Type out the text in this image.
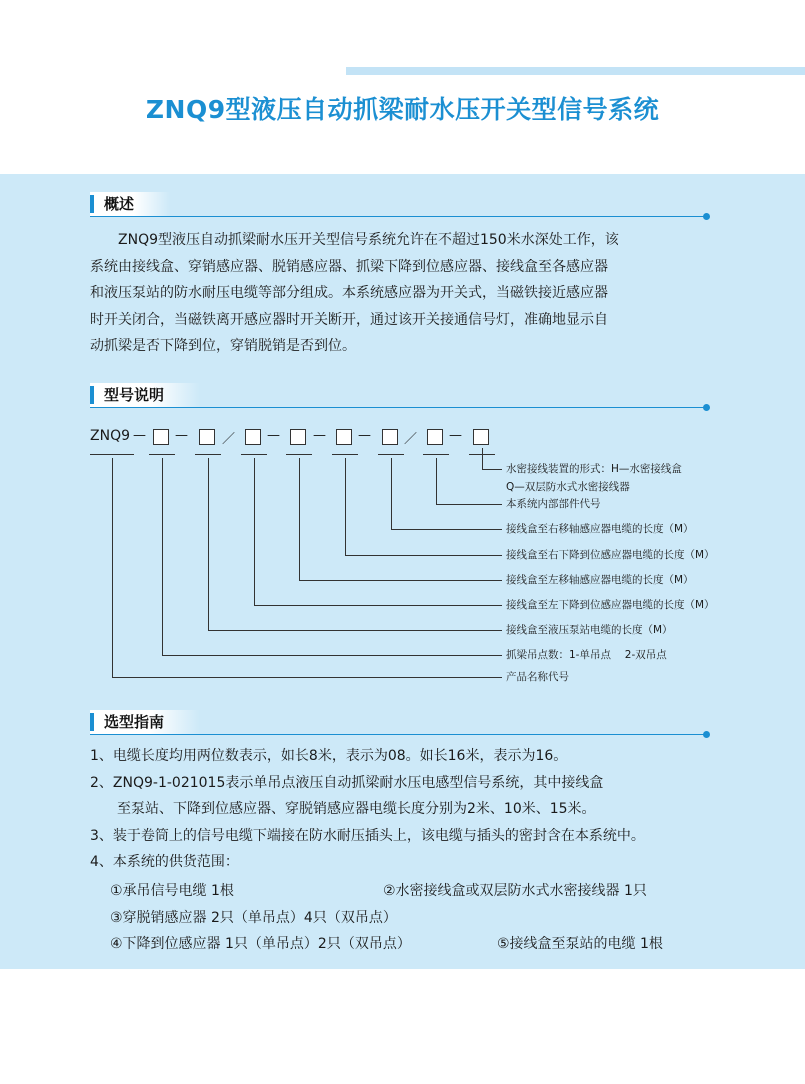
ZNQ9型液压自动抓梁耐水压开关型信号系统
概述

ZNQ9型液压自动抓梁耐水压开关型信号系统允许在不超过150米水深处工作，该

系统由接线盒、穿销感应器、脱销感应器、抓梁下降到位感应器、接线盒至各感应器

和液压泵站的防水耐压电缆等部分组成。本系统感应器为开关式，当磁铁接近感应器

时开关闭合，当磁铁离开感应器时开关断开，通过该开关接通信号灯，准确地显示自

动抓梁是否下降到位，穿销脱销是否到位。

型号说明
ZNQ9 — —	／ —	— —	／ —
水密接线装置的形式：H—水密接线盒
Q—双层防水式水密接线器
本系统内部部件代号
接线盒至右移轴感应器电缆的长度（M）
接线盒至右下降到位感应器电缆的长度（M）
接线盒至左移轴感应器电缆的长度（M）
接线盒至左下降到位感应器电缆的长度（M）
接线盒至液压泵站电缆的长度（M）
抓梁吊点数：1-单吊点　 2-双吊点
产品名称代号
选型指南
1、电缆长度均用两位数表示，如长8米，表示为08。如长16米，表示为16。
2、ZNQ9-1-021015表示单吊点液压自动抓梁耐水压电感型信号系统，其中接线盒
至泵站、下降到位感应器、穿脱销感应器电缆长度分别为2米、10米、15米。
3、装于卷筒上的信号电缆下端接在防水耐压插头上，该电缆与插头的密封含在本系统中。
4、本系统的供货范围：
①承吊信号电缆 1根	②水密接线盒或双层防水式水密接线器 1只
③穿脱销感应器 2只（单吊点）4只（双吊点）
④下降到位感应器 1只（单吊点）2只（双吊点）	⑤接线盒至泵站的电缆 1根
